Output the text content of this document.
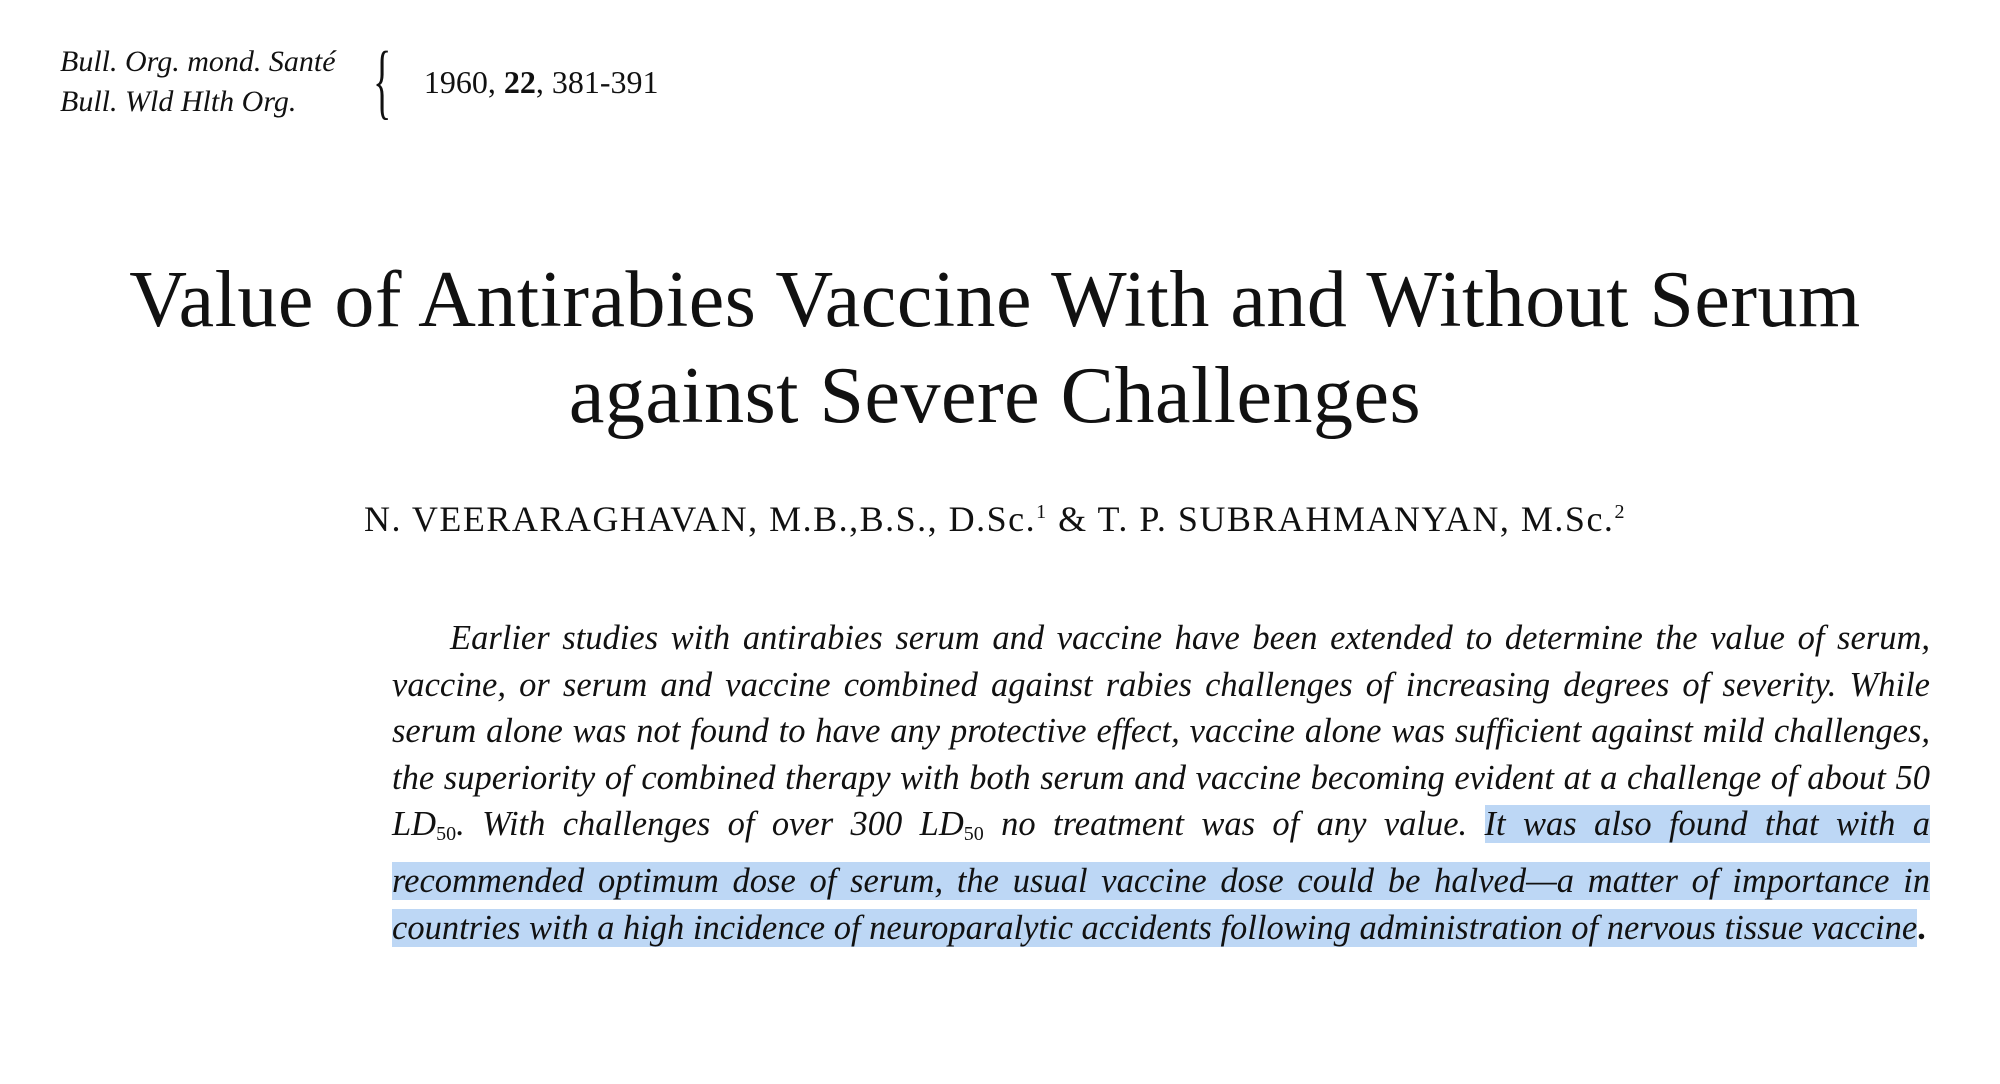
Bull. Org. mond. Santé
Bull. Wld Hlth Org. { 1960, 22, 381-391
Value of Antirabies Vaccine With and Without Serum
against Severe Challenges
N. VEERARAGHAVAN, M.B.,B.S., D.Sc.$^1$ & T. P. SUBRAHMANYAN, M.Sc.$^2$
Earlier studies with antirabies serum and vaccine have been extended to determine the value of serum, vaccine, or serum and vaccine combined against rabies challenges of increasing degrees of severity. While serum alone was not found to have any protective effect, vaccine alone was sufficient against mild challenges, the superiority of combined therapy with both serum and vaccine becoming evident at a challenge of about 50 $LD_{50}$. With challenges of over 300 $LD_{50}$ no treatment was of any value. It was also found that with a recommended optimum dose of serum, the usual vaccine dose could be halved—a matter of importance in countries with a high incidence of neuroparalytic accidents following administration of nervous tissue vaccine.
